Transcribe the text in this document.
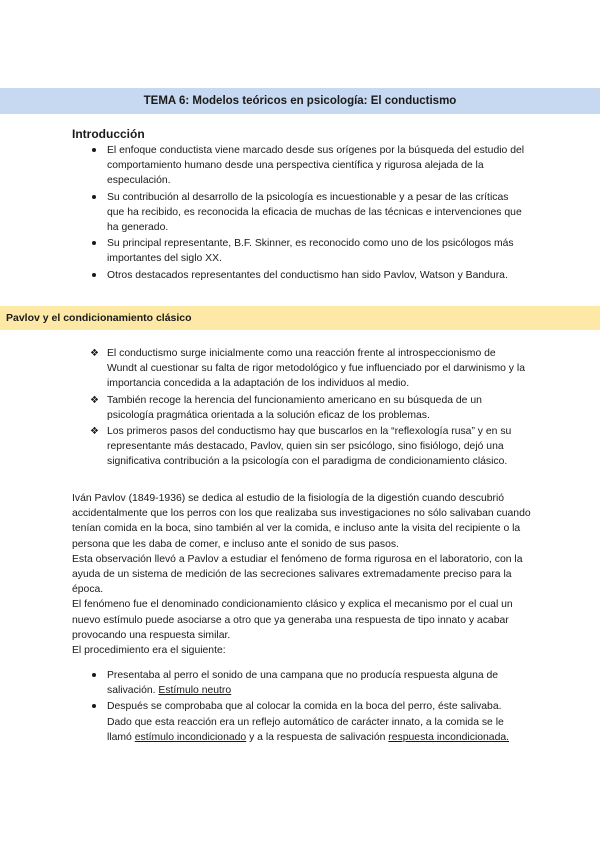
TEMA 6: Modelos teóricos en psicología: El conductismo
Introducción
El enfoque conductista viene marcado desde sus orígenes por la búsqueda del estudio del comportamiento humano desde una perspectiva científica y rigurosa alejada de la especulación.
Su contribución al desarrollo de la psicología es incuestionable y a pesar de las críticas que ha recibido, es reconocida la eficacia de muchas de las técnicas e intervenciones que ha generado.
Su principal representante, B.F. Skinner, es reconocido como uno de los psicólogos más importantes del siglo XX.
Otros destacados representantes del conductismo han sido Pavlov, Watson y Bandura.
Pavlov y el condicionamiento clásico
❖ El conductismo surge inicialmente como una reacción frente al introspeccionismo de Wundt al cuestionar su falta de rigor metodológico y fue influenciado por el darwinismo y la importancia concedida a la adaptación de los individuos al medio.
❖ También recoge la herencia del funcionamiento americano en su búsqueda de un psicología pragmática orientada a la solución eficaz de los problemas.
❖ Los primeros pasos del conductismo hay que buscarlos en la “reflexología rusa” y en su representante más destacado, Pavlov, quien sin ser psicólogo, sino fisiólogo, dejó una significativa contribución a la psicología con el paradigma de condicionamiento clásico.

Iván Pavlov (1849-1936) se dedica al estudio de la fisiología de la digestión cuando descubrió accidentalmente que los perros con los que realizaba sus investigaciones no sólo salivaban cuando tenían comida en la boca, sino también al ver la comida, e incluso ante la visita del recipiente o la persona que les daba de comer, e incluso ante el sonido de sus pasos.

Esta observación llevó a Pavlov a estudiar el fenómeno de forma rigurosa en el laboratorio, con la ayuda de un sistema de medición de las secreciones salivares extremadamente preciso para la época.

El fenómeno fue el denominado condicionamiento clásico y explica el mecanismo por el cual un nuevo estímulo puede asociarse a otro que ya generaba una respuesta de tipo innato y acabar provocando una respuesta similar.

El procedimiento era el siguiente:

Presentaba al perro el sonido de una campana que no producía respuesta alguna de salivación. Estímulo neutro
Después se comprobaba que al colocar la comida en la boca del perro, éste salivaba. Dado que esta reacción era un reflejo automático de carácter innato, a la comida se le llamó estímulo incondicionado y a la respuesta de salivación respuesta incondicionada.
